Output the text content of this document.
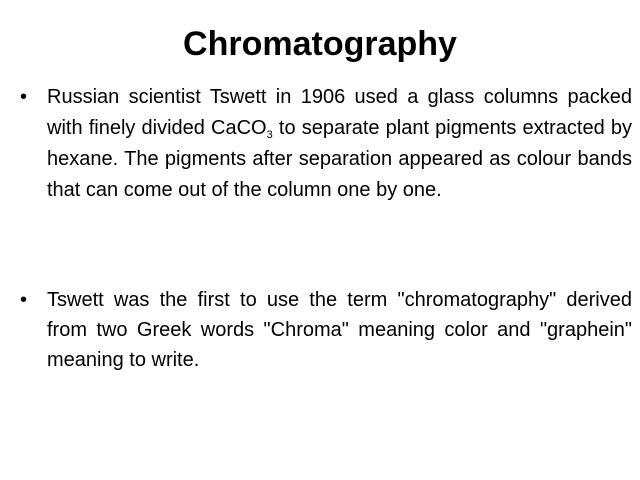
Chromatography
• Russian scientist Tswett in 1906 used a glass columns packed with finely divided CaCO$_3$ to separate plant pigments extracted by hexane. The pigments after separation appeared as colour bands that can come out of the column one by one.
• Tswett was the first to use the term "chromatography" derived from two Greek words "Chroma" meaning color and "graphein" meaning to write.
